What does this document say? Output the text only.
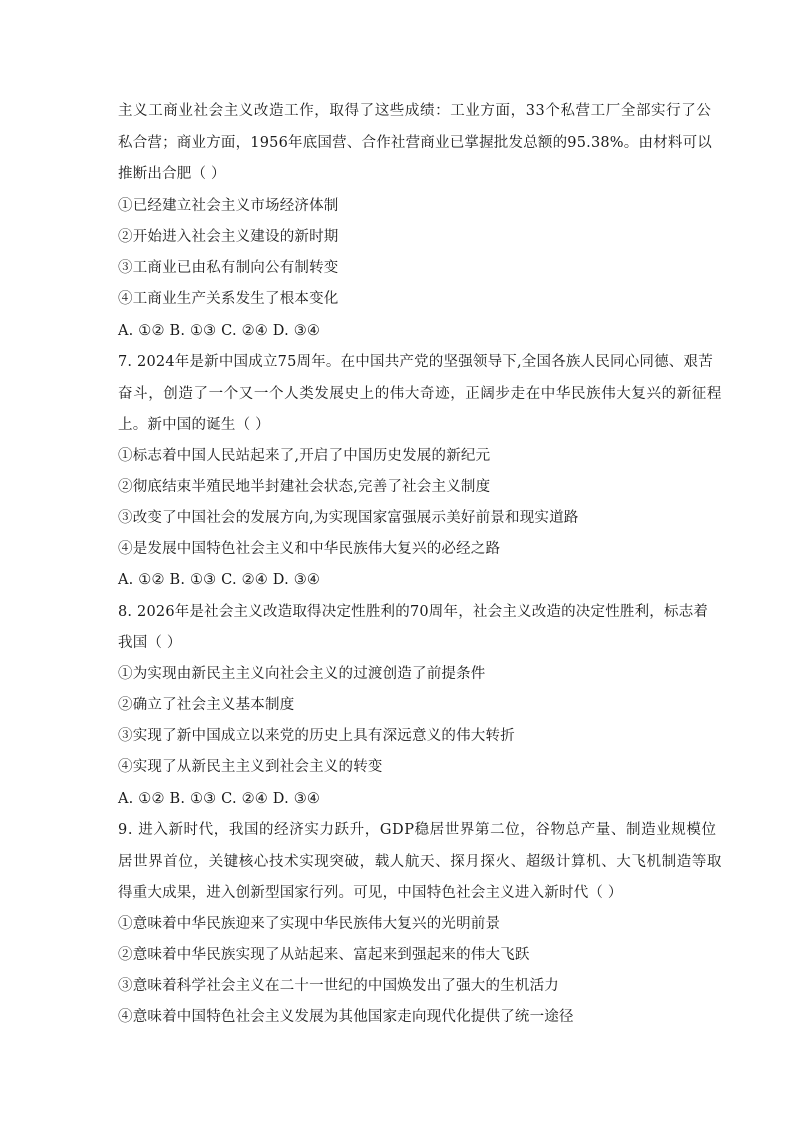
主义工商业社会主义改造工作，取得了这些成绩：工业方面，33个私营工厂全部实行了公
私合营；商业方面，1956年底国营、合作社营商业已掌握批发总额的95.38%。由材料可以
推断出合肥（ ）
①已经建立社会主义市场经济体制
②开始进入社会主义建设的新时期
③工商业已由私有制向公有制转变
④工商业生产关系发生了根本变化
A. ①② B. ①③ C. ②④ D. ③④
7. 2024年是新中国成立75周年。在中国共产党的坚强领导下,全国各族人民同心同德、艰苦
奋斗，创造了一个又一个人类发展史上的伟大奇迹，正阔步走在中华民族伟大复兴的新征程
上。新中国的诞生（ ）
①标志着中国人民站起来了,开启了中国历史发展的新纪元
②彻底结束半殖民地半封建社会状态,完善了社会主义制度
③改变了中国社会的发展方向,为实现国家富强展示美好前景和现实道路
④是发展中国特色社会主义和中华民族伟大复兴的必经之路
A. ①② B. ①③ C. ②④ D. ③④
8. 2026年是社会主义改造取得决定性胜利的70周年，社会主义改造的决定性胜利，标志着
我国（ ）
①为实现由新民主主义向社会主义的过渡创造了前提条件
②确立了社会主义基本制度
③实现了新中国成立以来党的历史上具有深远意义的伟大转折
④实现了从新民主主义到社会主义的转变
A. ①② B. ①③ C. ②④ D. ③④
9. 进入新时代，我国的经济实力跃升，GDP稳居世界第二位，谷物总产量、制造业规模位
居世界首位，关键核心技术实现突破，载人航天、探月探火、超级计算机、大飞机制造等取
得重大成果，进入创新型国家行列。可见，中国特色社会主义进入新时代（ ）
①意味着中华民族迎来了实现中华民族伟大复兴的光明前景
②意味着中华民族实现了从站起来、富起来到强起来的伟大飞跃
③意味着科学社会主义在二十一世纪的中国焕发出了强大的生机活力
④意味着中国特色社会主义发展为其他国家走向现代化提供了统一途径
